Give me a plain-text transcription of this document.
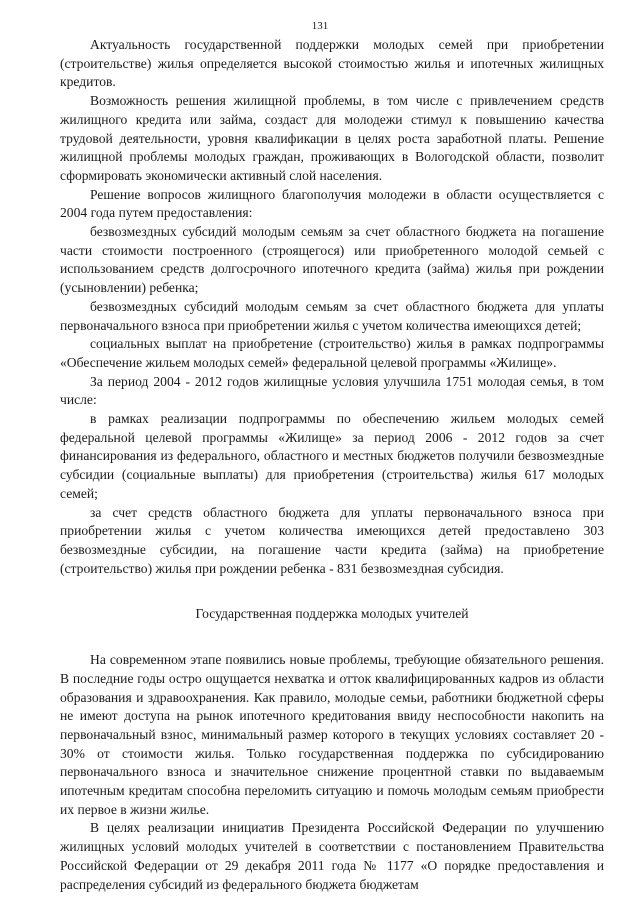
131

Актуальность государственной поддержки молодых семей при приобретении (строительстве) жилья определяется высокой стоимостью жилья и ипотечных жилищных кредитов.

Возможность решения жилищной проблемы, в том числе с привлечением средств жилищного кредита или займа, создаст для молодежи стимул к повышению качества трудовой деятельности, уровня квалификации в целях роста заработной платы. Решение жилищной проблемы молодых граждан, проживающих в Вологодской области, позволит сформировать экономически активный слой населения.

Решение вопросов жилищного благополучия молодежи в области осуществляется с 2004 года путем предоставления:

безвозмездных субсидий молодым семьям за счет областного бюджета на погашение части стоимости построенного (строящегося) или приобретенного молодой семьей с использованием средств долгосрочного ипотечного кредита (займа) жилья при рождении (усыновлении) ребенка;

безвозмездных субсидий молодым семьям за счет областного бюджета для уплаты первоначального взноса при приобретении жилья с учетом количества имеющихся детей;

социальных выплат на приобретение (строительство) жилья в рамках подпрограммы «Обеспечение жильем молодых семей» федеральной целевой программы «Жилище».

За период 2004 - 2012 годов жилищные условия улучшила 1751 молодая семья, в том числе:

в рамках реализации подпрограммы по обеспечению жильем молодых семей федеральной целевой программы «Жилище» за период 2006 - 2012 годов за счет финансирования из федерального, областного и местных бюджетов получили безвозмездные субсидии (социальные выплаты) для приобретения (строительства) жилья 617 молодых семей;

за счет средств областного бюджета для уплаты первоначального взноса при приобретении жилья с учетом количества имеющихся детей предоставлено 303 безвозмездные субсидии, на погашение части кредита (займа) на приобретение (строительство) жилья при рождении ребенка - 831 безвозмездная субсидия.

Государственная поддержка молодых учителей

На современном этапе появились новые проблемы, требующие обязательного решения. В последние годы остро ощущается нехватка и отток квалифицированных кадров из области образования и здравоохранения. Как правило, молодые семьи, работники бюджетной сферы не имеют доступа на рынок ипотечного кредитования ввиду неспособности накопить на первоначальный взнос, минимальный размер которого в текущих условиях составляет 20 - 30% от стоимости жилья. Только государственная поддержка по субсидированию первоначального взноса и значительное снижение процентной ставки по выдаваемым ипотечным кредитам способна переломить ситуацию и помочь молодым семьям приобрести их первое в жизни жилье.

В целях реализации инициатив Президента Российской Федерации по улучшению жилищных условий молодых учителей в соответствии с постановлением Правительства Российской Федерации от 29 декабря 2011 года № 1177 «О порядке предоставления и распределения субсидий из федерального бюджета бюджетам
